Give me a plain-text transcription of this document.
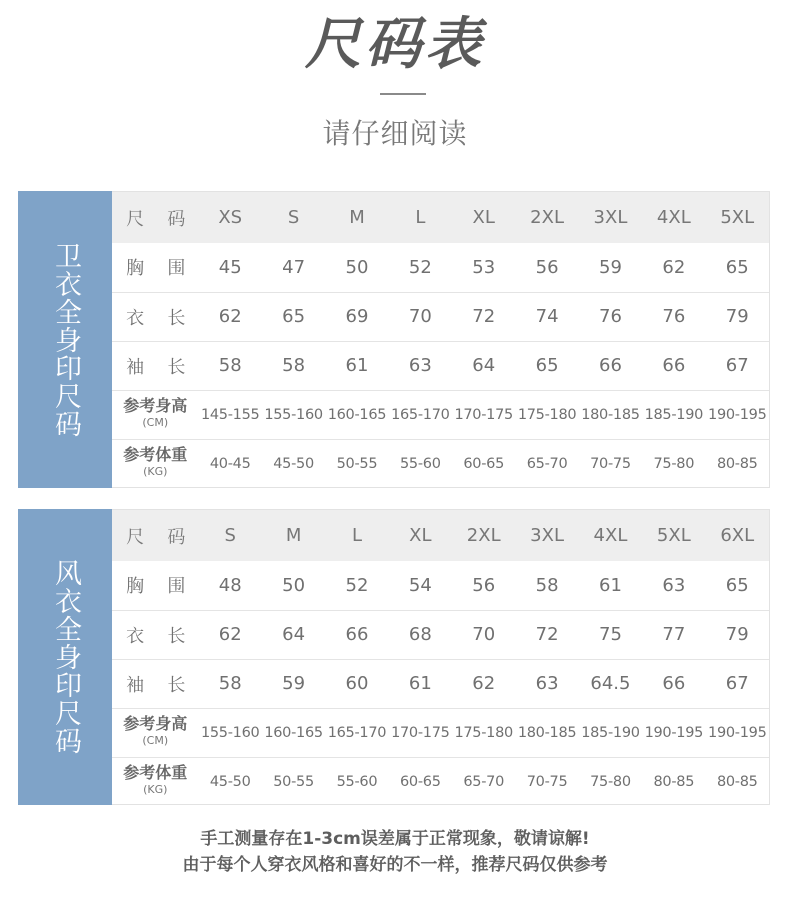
尺码表
请仔细阅读
卫衣全身印尺码
尺	码	XS	S	M	L	XL	2XL	3XL	4XL	5XL
胸	围	45	47	50	52	53	56	59	62	65
衣	长	62	65	69	70	72	74	76	76	79
袖	长	58	58	61	63	64	65	66	66	67

参考身高
(CM)		145-155	155-160	160-165	165-170	170-175	175-180	180-185	185-190	190-195

参考体重
(KG)		40-45	45-50	50-55	55-60	60-65	65-70	70-75	75-80	80-85
风衣全身印尺码
尺	码	S	M	L	XL	2XL	3XL	4XL	5XL	6XL
胸	围	48	50	52	54	56	58	61	63	65
衣	长	62	64	66	68	70	72	75	77	79
袖	长	58	59	60	61	62	63	64.5	66	67

参考身高
(CM)		155-160	160-165	165-170	170-175	175-180	180-185	185-190	190-195	190-195

参考体重
(KG)		45-50	50-55	55-60	60-65	65-70	70-75	75-80	80-85	80-85
手工测量存在1-3cm误差属于正常现象，敬请谅解!
由于每个人穿衣风格和喜好的不一样，推荐尺码仅供参考
